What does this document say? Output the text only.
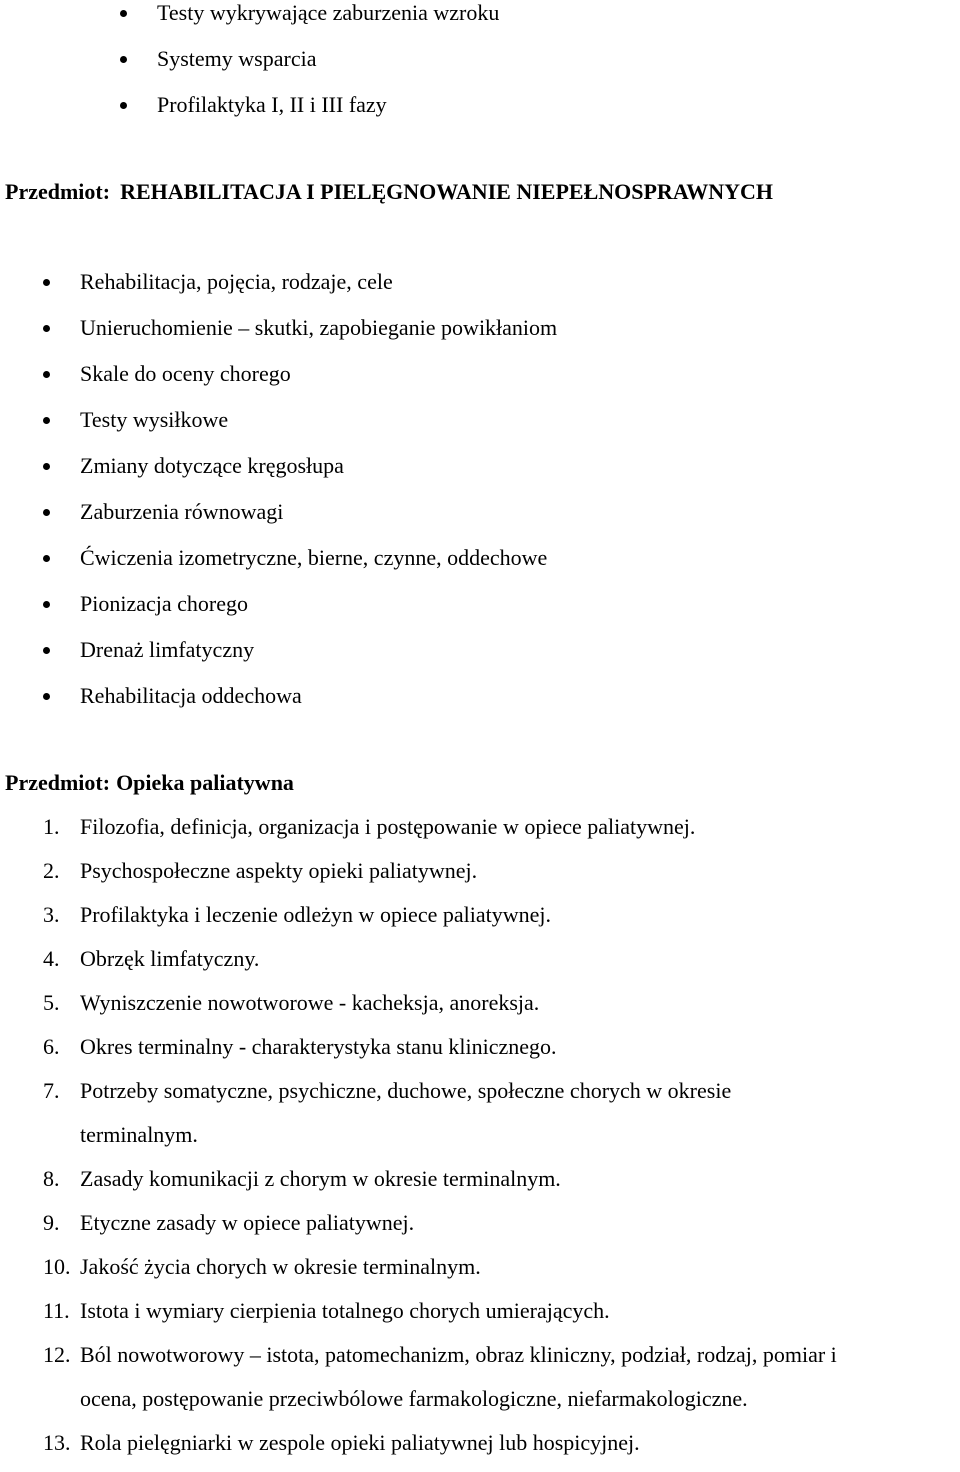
Testy wykrywające zaburzenia wzroku
Systemy wsparcia
Profilaktyka I, II i III fazy
Przedmiot: REHABILITACJA I PIELĘGNOWANIE NIEPEŁNOSPRAWNYCH
Rehabilitacja, pojęcia, rodzaje, cele
Unieruchomienie – skutki, zapobieganie powikłaniom
Skale do oceny chorego
Testy wysiłkowe
Zmiany dotyczące kręgosłupa
Zaburzenia równowagi
Ćwiczenia izometryczne, bierne, czynne, oddechowe
Pionizacja chorego
Drenaż limfatyczny
Rehabilitacja oddechowa
Przedmiot: Opieka paliatywna
1. Filozofia, definicja, organizacja i postępowanie w opiece paliatywnej.
2. Psychospołeczne aspekty opieki paliatywnej.
3. Profilaktyka i leczenie odleżyn w opiece paliatywnej.
4. Obrzęk limfatyczny.
5. Wyniszczenie nowotworowe - kacheksja, anoreksja.
6. Okres terminalny - charakterystyka stanu klinicznego.
7. Potrzeby somatyczne, psychiczne, duchowe, społeczne chorych w okresie
terminalnym.
8. Zasady komunikacji z chorym w okresie terminalnym.
9. Etyczne zasady w opiece paliatywnej.
10. Jakość życia chorych w okresie terminalnym.
11. Istota i wymiary cierpienia totalnego chorych umierających.
12. Ból nowotworowy – istota, patomechanizm, obraz kliniczny, podział, rodzaj, pomiar i
ocena, postępowanie przeciwbólowe farmakologiczne, niefarmakologiczne.
13. Rola pielęgniarki w zespole opieki paliatywnej lub hospicyjnej.
